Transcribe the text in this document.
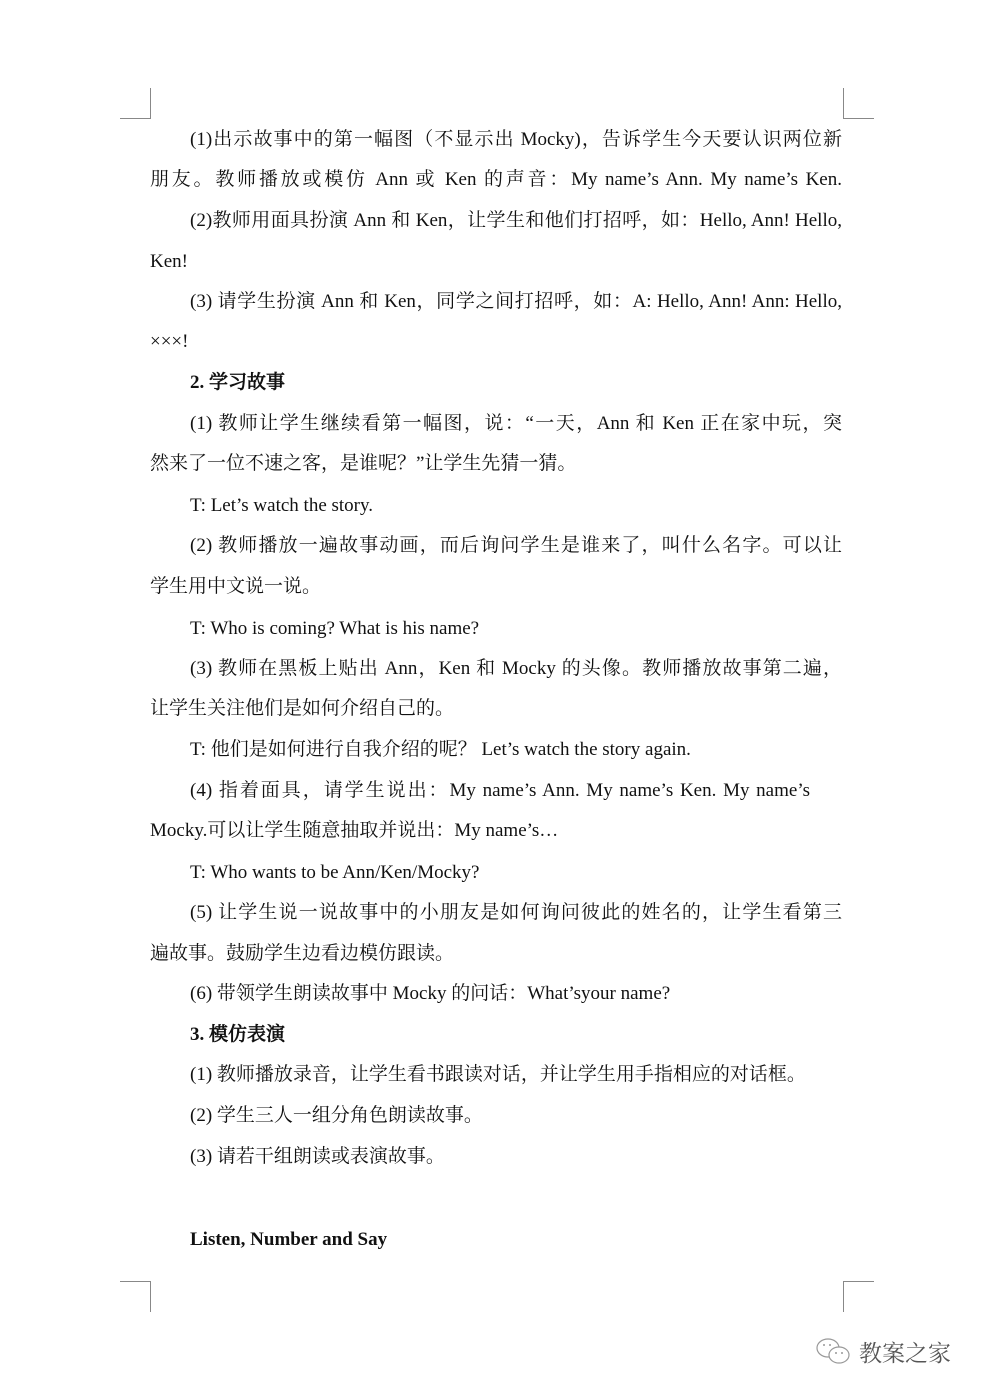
(1)出示故事中的第一幅图（不显示出 Mocky)，告诉学生今天要认识两位新
朋友。教师播放或模仿 Ann 或 Ken 的声音：My name’s Ann. My name’s Ken.
(2)教师用面具扮演 Ann 和 Ken，让学生和他们打招呼，如：Hello, Ann! Hello,
Ken!
(3) 请学生扮演 Ann 和 Ken，同学之间打招呼，如：A: Hello, Ann! Ann: Hello,
×××!
2. 学习故事
(1) 教师让学生继续看第一幅图，说：“一天，Ann 和 Ken 正在家中玩，突
然来了一位不速之客，是谁呢？”让学生先猜一猜。
T: Let’s watch the story.
(2) 教师播放一遍故事动画，而后询问学生是谁来了，叫什么名字。可以让
学生用中文说一说。
T: Who is coming? What is his name?
(3) 教师在黑板上贴出 Ann，Ken 和 Mocky 的头像。教师播放故事第二遍，
让学生关注他们是如何介绍自己的。
T: 他们是如何进行自我介绍的呢？ Let’s watch the story again.
(4) 指着面具，请学生说出：My name’s Ann. My name’s Ken. My name’s
Mocky.可以让学生随意抽取并说出：My name’s…
T: Who wants to be Ann/Ken/Mocky?
(5) 让学生说一说故事中的小朋友是如何询问彼此的姓名的，让学生看第三
遍故事。鼓励学生边看边模仿跟读。
(6) 带领学生朗读故事中 Mocky 的问话：What’syour name?
3. 模仿表演
(1) 教师播放录音，让学生看书跟读对话，并让学生用手指相应的对话框。
(2) 学生三人一组分角色朗读故事。
(3) 请若干组朗读或表演故事。
Listen, Number and Say
教案之家
